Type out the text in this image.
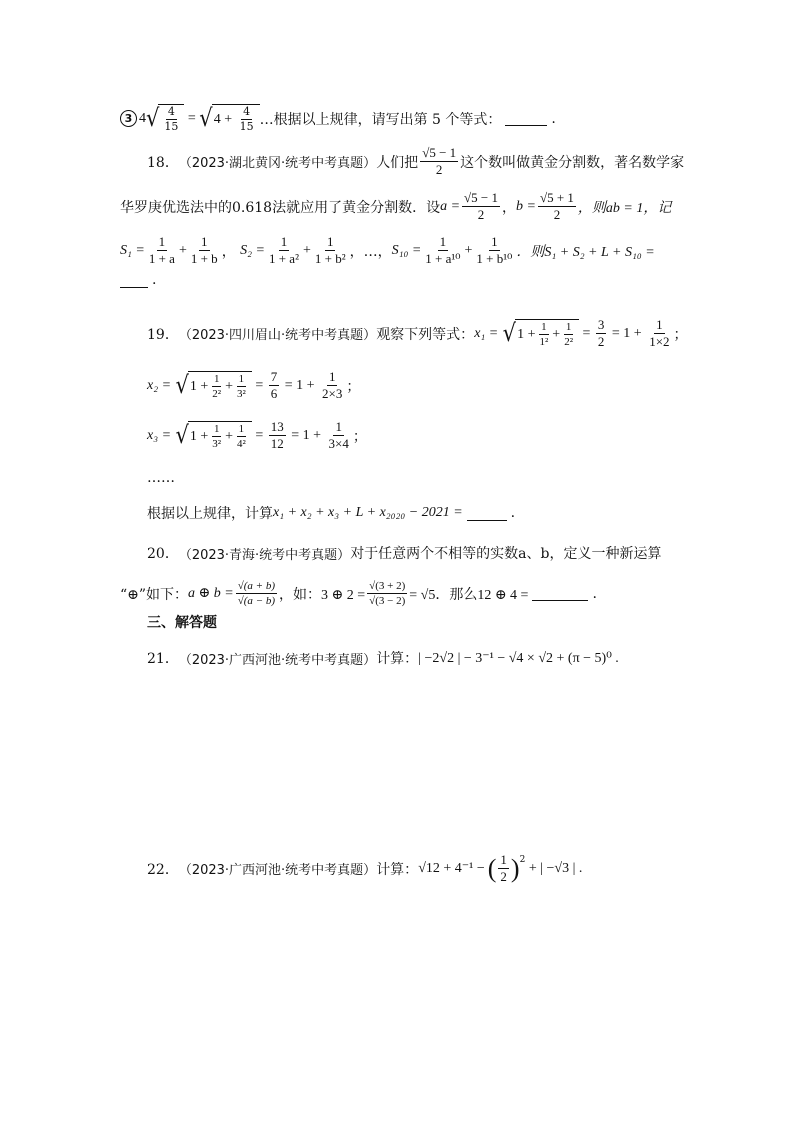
3 4 √ $\frac{4}{15}$ = √ 4
+
$\frac{4}{15}$ …根据以上规律，请写出第 5 个等式：	.
18． （2023·湖北黄冈·统考中考真题） 人们把 $\frac{√5 - 1}{2}$ 这个数叫做黄金分割数，著名数学家
华罗庚优选法中的0.618法就应用了黄金分割数．设 $a = \frac{√5 - 1}{2}$ ， $b = \frac{√5 + 1}{2}$ ，则ab = 1，记
$S_1 = \frac{1}{1 + a} + \frac{1}{1 + b}$ ， $S_2 = \frac{1}{\text{1 + a²}} + \frac{1}{\text{1 + b²}}$ ，…， $S_{10} = \frac{1}{\text{1 + a¹⁰}} + \frac{1}{\text{1 + b¹⁰}}$ ．则S₁ + S₂ + L + S₁₀ =
.
19． （2023·四川眉山·统考中考真题） 观察下列等式： x₁ =
√ $1 + \frac{1}{\text{1²}} + \frac{1}{\text{2²}} = \frac{3}{2} = 1 + \frac{1}{1\times 2}$ ；
x₂ =
√ $1 + \frac{1}{\text{2²}} + \frac{1}{\text{3²}} = \frac{7}{6} = 1 + \frac{1}{2\times 3}$ ；
x₃ =
√ $1 + \frac{1}{\text{3²}} + \frac{1}{\text{4²}} = \frac{13}{12} = 1 + \frac{1}{3\times 4}$ ；
……
根据以上规律，计算 x₁ + x₂ + x₃ + L + x₂₀₂₀ − 2021 =	.
20． （2023·青海·统考中考真题） 对于任意两个不相等的实数a、b，定义一种新运算
“⊕”如下： a ⊕ $b = \frac{√(a + b)}{√(a - b)}$ ，如：3 ⊕ $2 = \frac{√(3 + 2)}{√(3 - 2)} = √5$．那么12 ⊕ 4 =	.
三、解答题
21． （2023·广西河池·统考中考真题） 计算： | −2√2 | − 3⁻¹ − √4 × √2 + (π − 5)⁰ .
22． （2023·广西河池·统考中考真题） 计算： √12 + 4⁻¹ − ( $\frac{1}{2} )^2$

+ | −√3 | .
